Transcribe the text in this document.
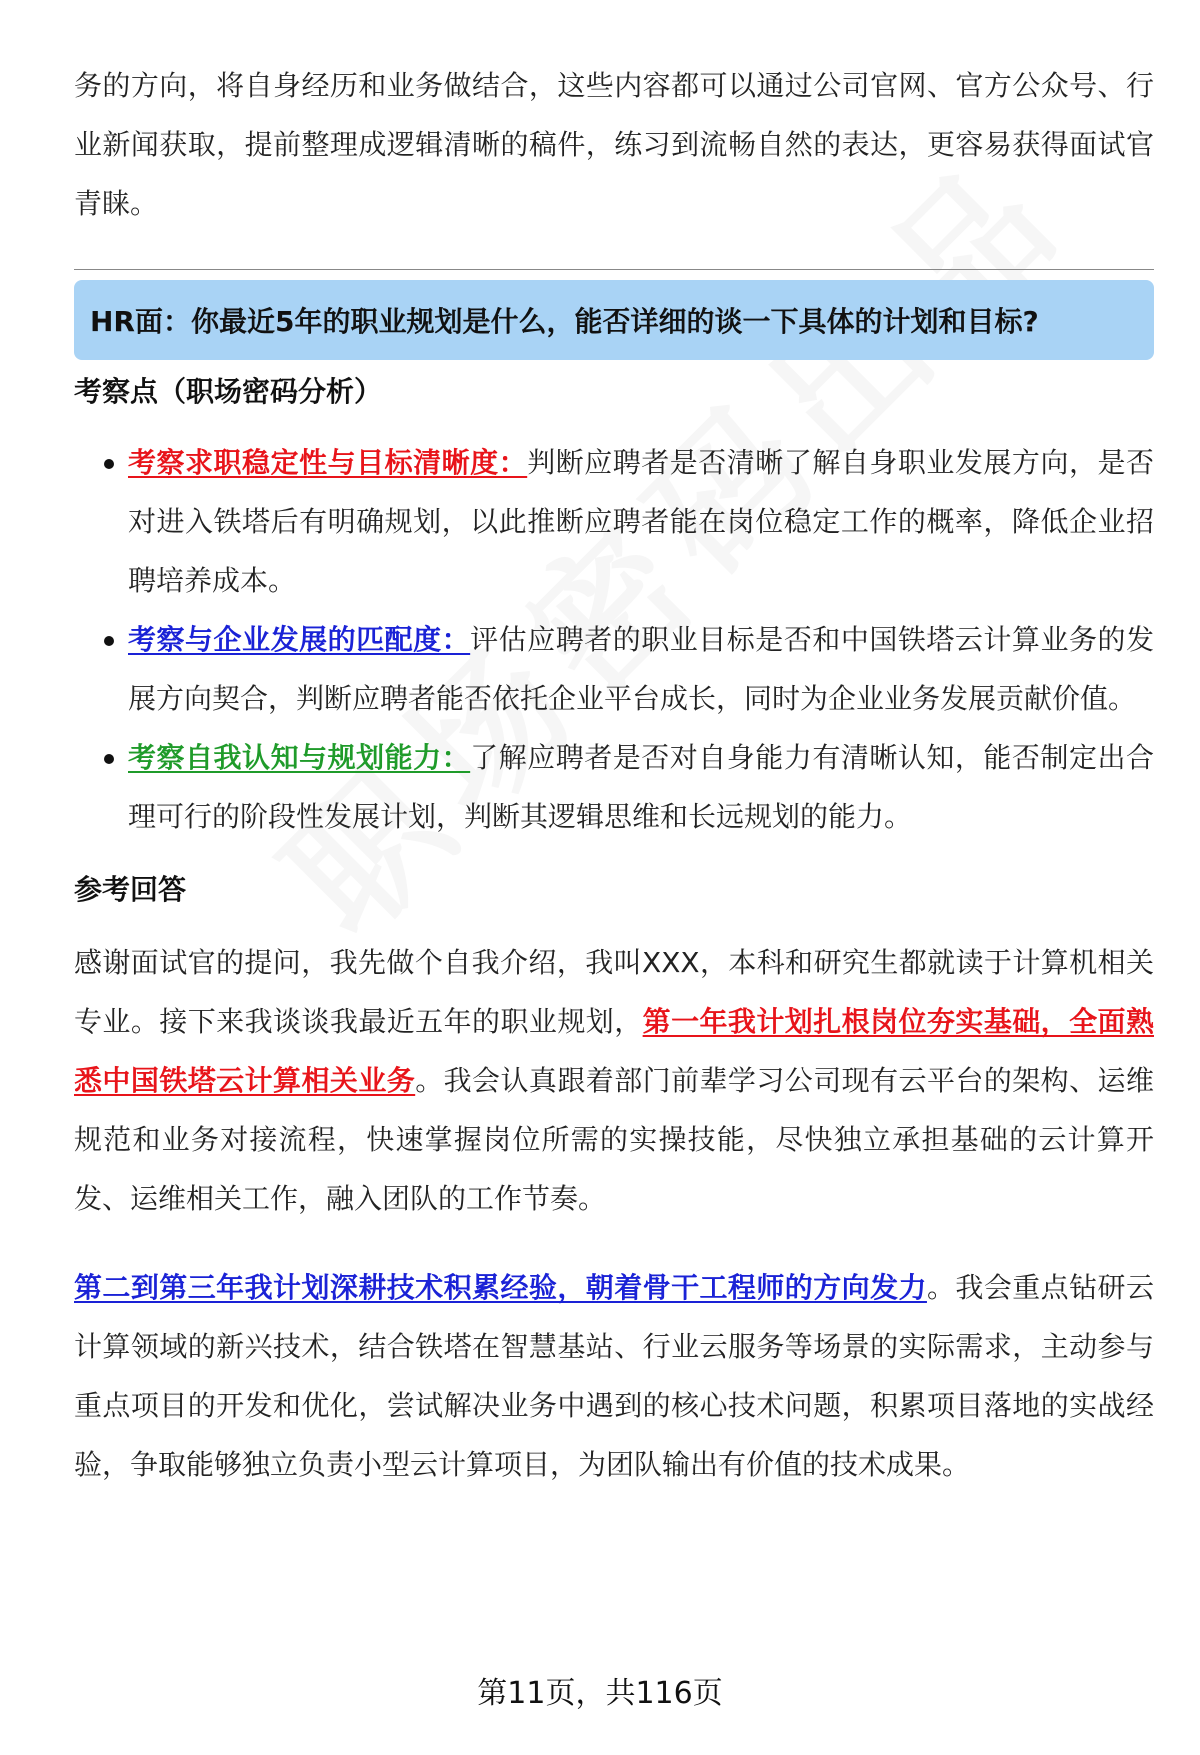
务的方向，将自身经历和业务做结合，这些内容都可以通过公司官网、官方公众号、行业新闻获取，提前整理成逻辑清晰的稿件，练习到流畅自然的表达，更容易获得面试官青睐。

HR面：你最近5年的职业规划是什么，能否详细的谈一下具体的计划和目标?
考察点（职场密码分析）
考察求职稳定性与目标清晰度：判断应聘者是否清晰了解自身职业发展方向，是否对进入铁塔后有明确规划，以此推断应聘者能在岗位稳定工作的概率，降低企业招聘培养成本。
考察与企业发展的匹配度：评估应聘者的职业目标是否和中国铁塔云计算业务的发展方向契合，判断应聘者能否依托企业平台成长，同时为企业业务发展贡献价值。
考察自我认知与规划能力：了解应聘者是否对自身能力有清晰认知，能否制定出合理可行的阶段性发展计划，判断其逻辑思维和长远规划的能力。
参考回答

感谢面试官的提问，我先做个自我介绍，我叫XXX，本科和研究生都就读于计算机相关专业。接下来我谈谈我最近五年的职业规划，第一年我计划扎根岗位夯实基础，全面熟悉中国铁塔云计算相关业务。我会认真跟着部门前辈学习公司现有云平台的架构、运维规范和业务对接流程，快速掌握岗位所需的实操技能，尽快独立承担基础的云计算开发、运维相关工作，融入团队的工作节奏。

第二到第三年我计划深耕技术积累经验，朝着骨干工程师的方向发力。我会重点钻研云计算领域的新兴技术，结合铁塔在智慧基站、行业云服务等场景的实际需求，主动参与重点项目的开发和优化，尝试解决业务中遇到的核心技术问题，积累项目落地的实战经验，争取能够独立负责小型云计算项目，为团队输出有价值的技术成果。

第11页，共116页
